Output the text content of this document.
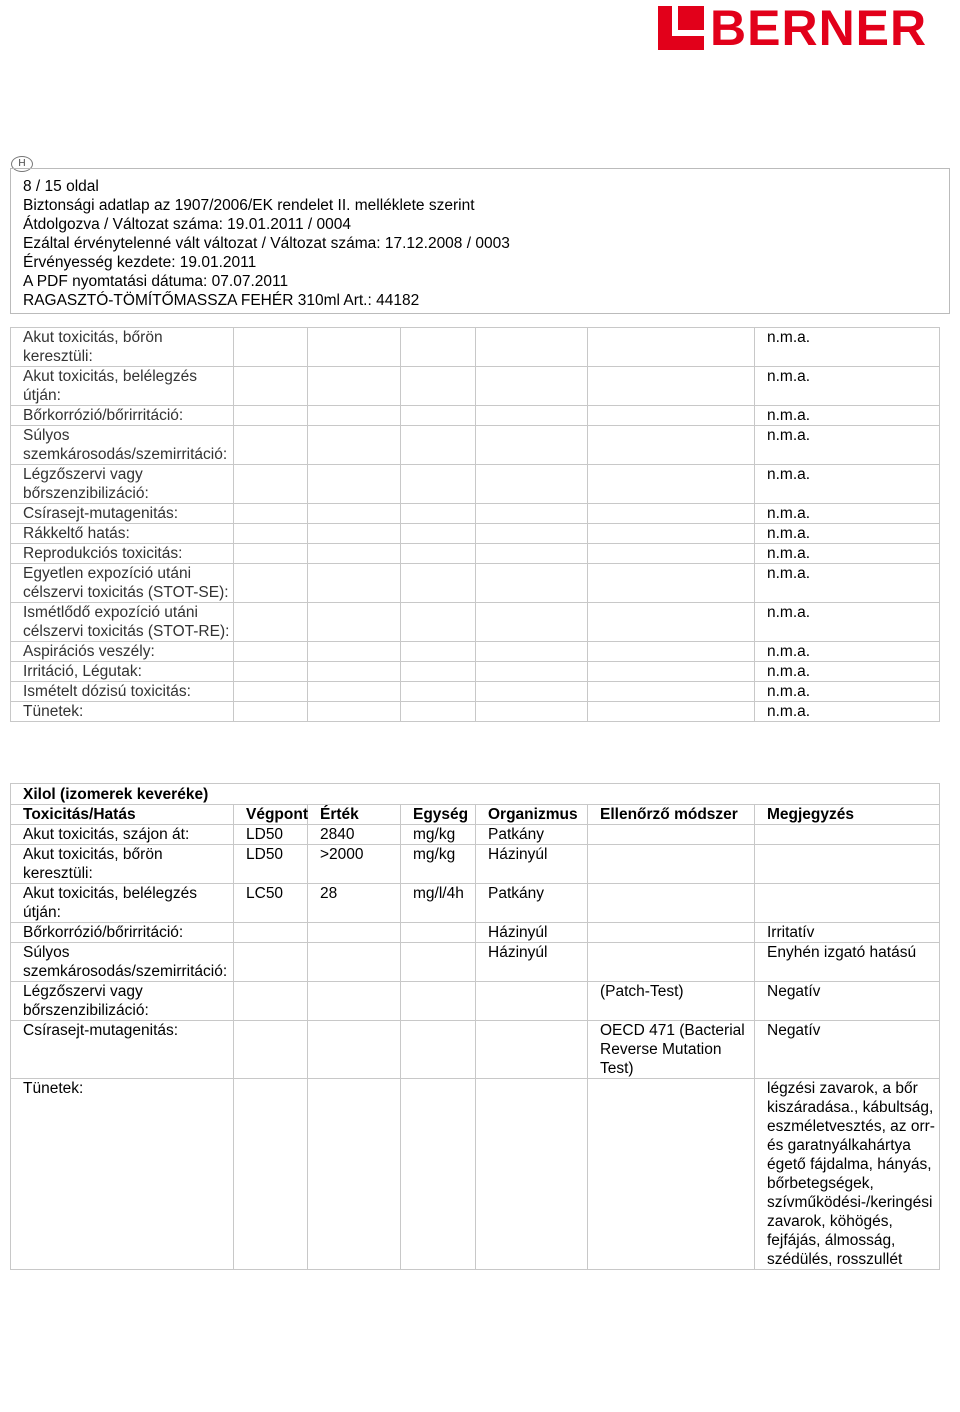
BERNER
H
8 / 15 oldal
Biztonsági adatlap az 1907/2006/EK rendelet II. melléklete szerint
Átdolgozva / Változat száma: 19.01.2011 / 0004
Ezáltal érvénytelenné vált változat / Változat száma: 17.12.2008 / 0003
Érvényesség kezdete: 19.01.2011
A PDF nyomtatási dátuma: 07.07.2011
RAGASZTÓ-TÖMÍTŐMASSZA FEHÉR 310ml Art.: 44182
Akut toxicitás, bőrön keresztüli:						n.m.a.
Akut toxicitás, belélegzés útján:						n.m.a.
Bőrkorrózió/bőrirritáció:						n.m.a.
Súlyos szemkárosodás/szemirritáció:						n.m.a.
Légzőszervi vagy bőrszenzibilizáció:						n.m.a.
Csírasejt-mutagenitás:						n.m.a.
Rákkeltő hatás:						n.m.a.
Reprodukciós toxicitás:						n.m.a.
Egyetlen expozíció utáni célszervi toxicitás (STOT-SE):						n.m.a.
Ismétlődő expozíció utáni célszervi toxicitás (STOT-RE):						n.m.a.
Aspirációs veszély:						n.m.a.
Irritáció, Légutak:						n.m.a.
Ismételt dózisú toxicitás:						n.m.a.
Tünetek:						n.m.a.
Xilol (izomerek keveréke)						
Toxicitás/Hatás	Végpont	Érték	Egység	Organizmus	Ellenőrző módszer	Megjegyzés
Akut toxicitás, szájon át:	LD50	2840	mg/kg	Patkány		
Akut toxicitás, bőrön keresztüli:	LD50	>2000	mg/kg	Házinyúl		
Akut toxicitás, belélegzés útján:	LC50	28	mg/l/4h	Patkány		
Bőrkorrózió/bőrirritáció:				Házinyúl		Irritatív
Súlyos szemkárosodás/szemirritáció:				Házinyúl		Enyhén izgató hatású
Légzőszervi vagy bőrszenzibilizáció:					(Patch-Test)	Negatív
Csírasejt-mutagenitás:					OECD 471 (Bacterial Reverse Mutation Test)	Negatív
Tünetek:						légzési zavarok, a bőr kiszáradása., kábultság, eszméletvesztés, az orr- és garatnyálkahártya égető fájdalma, hányás, bőrbetegségek, szívműködési-/keringési zavarok, köhögés, fejfájás, álmosság, szédülés, rosszullét
